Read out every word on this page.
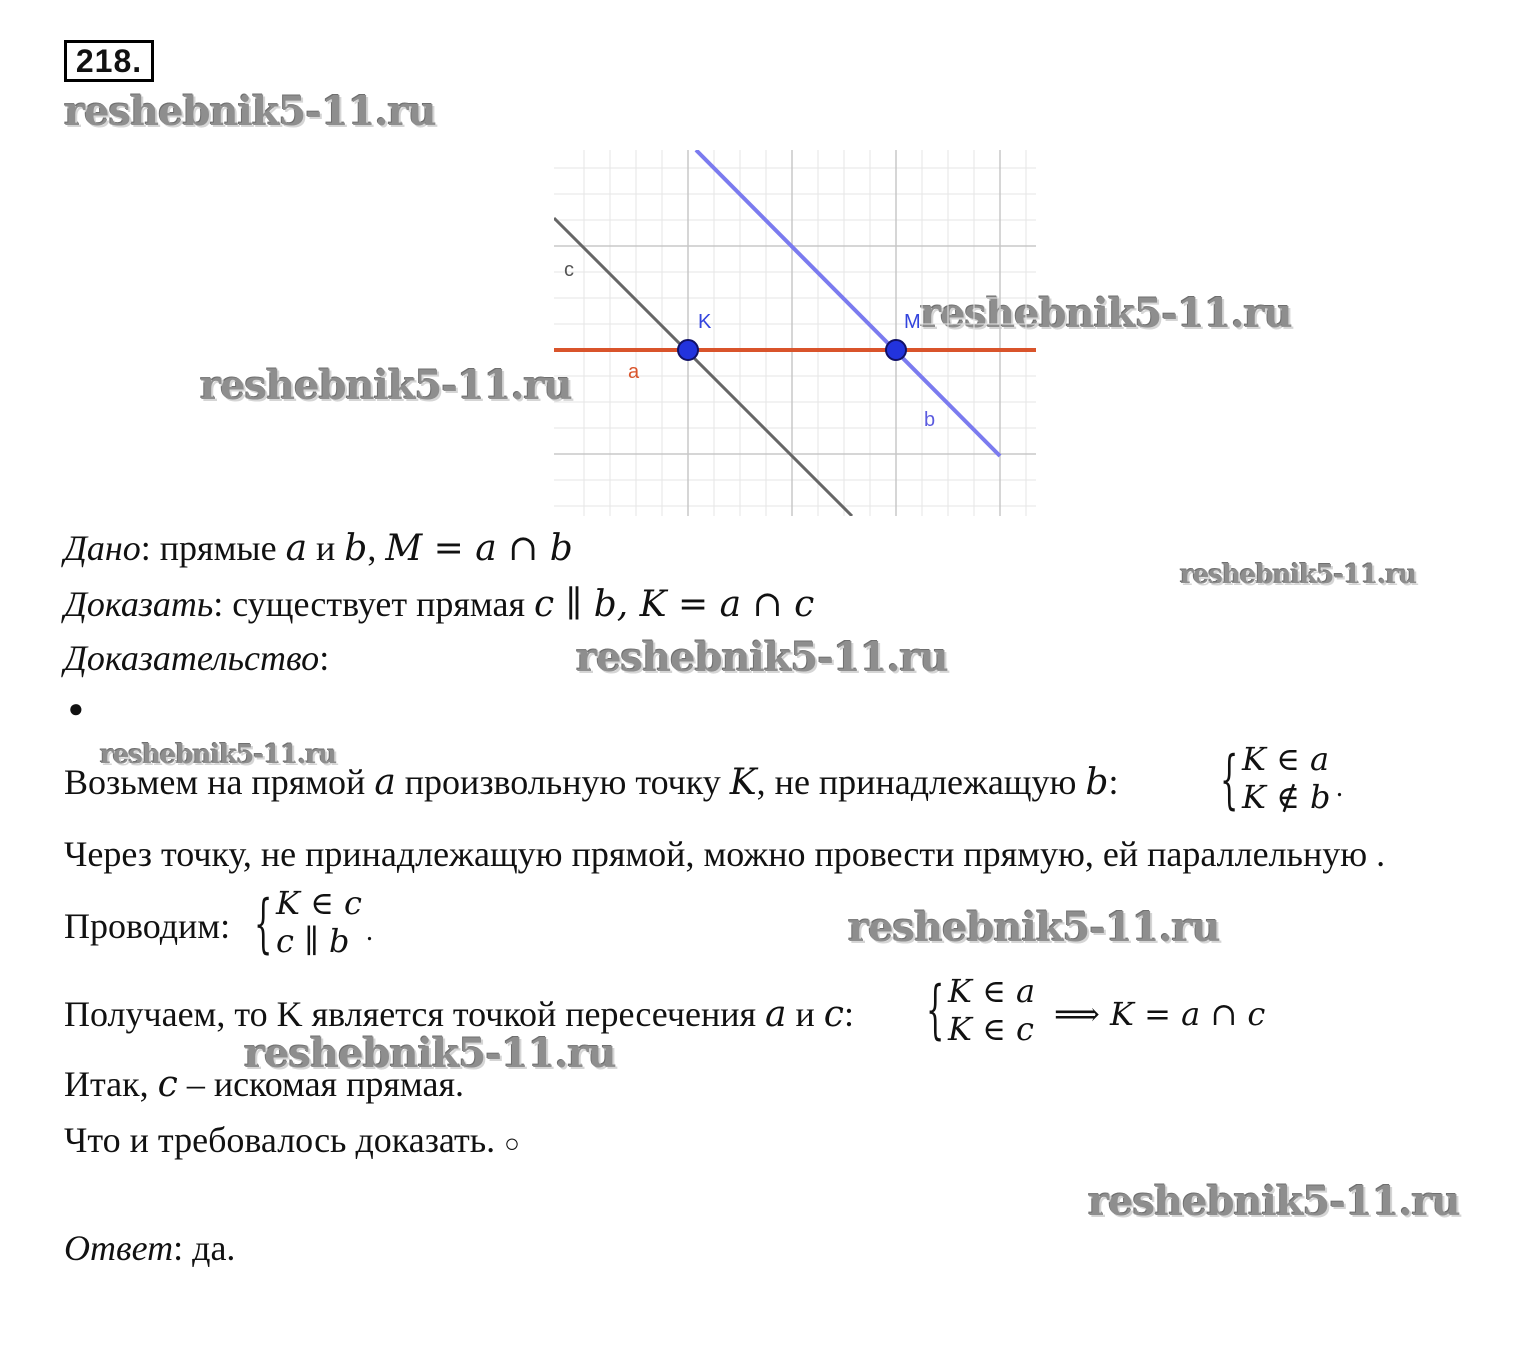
218.
reshebnik5-11.ru
reshebnik5-11.ru
reshebnik5-11.ru
reshebnik5-11.ru
reshebnik5-11.ru
reshebnik5-11.ru
reshebnik5-11.ru
reshebnik5-11.ru
reshebnik5-11.ru
c
K	M
a
b
Дано: прямые a и b, M = a ∩ b
Доказать: существует прямая c ∥ b, K = a ∩ c
Доказательство:
●
Возьмем на прямой a произвольную точку K, не принадлежащую b: { K ∈ a
K ∉ b .
Через точку, не принадлежащую прямой, можно провести прямую, ей параллельную .
Проводим: { K ∈ c
c ∥ b .
Получаем, то K является точкой пересечения a и c: { K ∈ a
K ∈ c ⟹ K = a ∩ c
Итак, c – искомая прямая.
Что и требовалось доказать. ○
Ответ: да.
